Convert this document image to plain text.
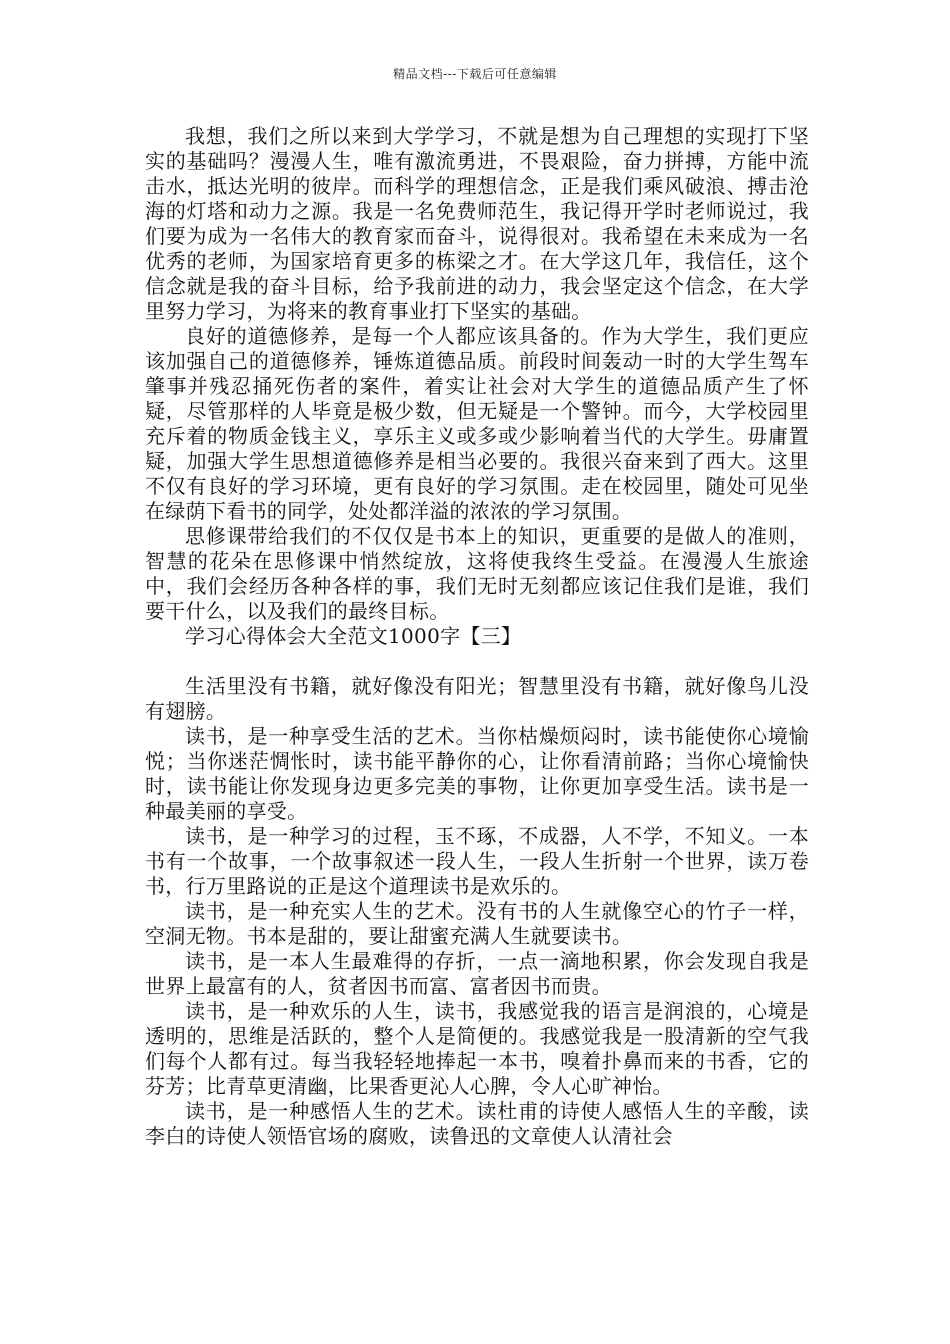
精品文档---下载后可任意编辑

我想，我们之所以来到大学学习，不就是想为自己理想的实现打下坚实的基础吗？漫漫人生，唯有激流勇进，不畏艰险，奋力拼搏，方能中流击水，抵达光明的彼岸。而科学的理想信念，正是我们乘风破浪、搏击沧海的灯塔和动力之源。我是一名免费师范生，我记得开学时老师说过，我们要为成为一名伟大的教育家而奋斗，说得很对。我希望在未来成为一名优秀的老师，为国家培育更多的栋梁之才。在大学这几年，我信任，这个信念就是我的奋斗目标，给予我前进的动力，我会坚定这个信念，在大学里努力学习，为将来的教育事业打下坚实的基础。

良好的道德修养，是每一个人都应该具备的。作为大学生，我们更应该加强自己的道德修养，锤炼道德品质。前段时间轰动一时的大学生驾车肇事并残忍捅死伤者的案件，着实让社会对大学生的道德品质产生了怀疑，尽管那样的人毕竟是极少数，但无疑是一个警钟。而今，大学校园里充斥着的物质金钱主义，享乐主义或多或少影响着当代的大学生。毋庸置疑，加强大学生思想道德修养是相当必要的。我很兴奋来到了西大。这里不仅有良好的学习环境，更有良好的学习氛围。走在校园里，随处可见坐在绿荫下看书的同学，处处都洋溢的浓浓的学习氛围。

思修课带给我们的不仅仅是书本上的知识，更重要的是做人的准则，智慧的花朵在思修课中悄然绽放，这将使我终生受益。在漫漫人生旅途中，我们会经历各种各样的事，我们无时无刻都应该记住我们是谁，我们要干什么，以及我们的最终目标。

学习心得体会大全范文1000字【三】

生活里没有书籍，就好像没有阳光；智慧里没有书籍，就好像鸟儿没有翅膀。

读书，是一种享受生活的艺术。当你枯燥烦闷时，读书能使你心境愉悦；当你迷茫惆怅时，读书能平静你的心，让你看清前路；当你心境愉快时，读书能让你发现身边更多完美的事物，让你更加享受生活。读书是一种最美丽的享受。

读书，是一种学习的过程，玉不琢，不成器，人不学，不知义。一本书有一个故事，一个故事叙述一段人生，一段人生折射一个世界，读万卷书，行万里路说的正是这个道理读书是欢乐的。

读书，是一种充实人生的艺术。没有书的人生就像空心的竹子一样，空洞无物。书本是甜的，要让甜蜜充满人生就要读书。

读书，是一本人生最难得的存折，一点一滴地积累，你会发现自我是世界上最富有的人，贫者因书而富、富者因书而贵。

读书，是一种欢乐的人生，读书，我感觉我的语言是润浪的，心境是透明的，思维是活跃的，整个人是简便的。我感觉我是一股清新的空气我们每个人都有过。每当我轻轻地捧起一本书，嗅着扑鼻而来的书香，它的芬芳；比青草更清幽，比果香更沁人心脾，令人心旷神怡。

读书，是一种感悟人生的艺术。读杜甫的诗使人感悟人生的辛酸，读李白的诗使人领悟官场的腐败，读鲁迅的文章使人认清社会
